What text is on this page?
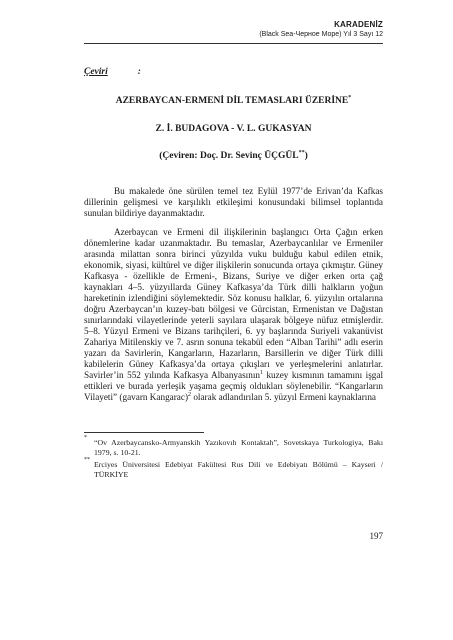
KARADENİZ
(Black Sea-Черное Море) Yıl 3 Sayı 12
Çeviri	:
AZERBAYCAN-ERMENİ DİL TEMASLARI ÜZERİNE*
Z. İ. BUDAGOVA - V. L. GUKASYAN
(Çeviren: Doç. Dr. Sevinç ÜÇGÜL**)

Bu makalede öne sürülen temel tez Eylül 1977’de Erivan’da Kafkas dillerinin gelişmesi ve karşılıklı etkileşimi konusundaki bilimsel toplantıda sunulan bildiriye dayanmaktadır.

Azerbaycan ve Ermeni dil ilişkilerinin başlangıcı Orta Çağın erken dönemlerine kadar uzanmaktadır. Bu temaslar, Azerbaycanlılar ve Ermeniler arasında milattan sonra birinci yüzyılda vuku bulduğu kabul edilen etnik, ekonomik, siyasi, kültürel ve diğer ilişkilerin sonucunda ortaya çıkmıştır. Güney Kafkasya - özellikle de Ermeni-, Bizans, Suriye ve diğer erken orta çağ kaynakları 4–5. yüzyıllarda Güney Kafkasya’da Türk dilli halkların yoğun hareketinin izlendiğini söylemektedir. Söz konusu halklar, 6. yüzyılın ortalarına doğru Azerbaycan’ın kuzey-batı bölgesi ve Gürcistan, Ermenistan ve Dağıstan sınırlarındaki vilayetlerinde yeterli sayılara ulaşarak bölgeye nüfuz etmişlerdir. 5–8. Yüzyıl Ermeni ve Bizans tarihçileri, 6. yy başlarında Suriyeli vakanüvist Zahariya Mitilenskiy ve 7. asrın sonuna tekabül eden “Alban Tarihi” adlı eserin yazarı da Savirlerin, Kangarların, Hazarların, Barsillerin ve diğer Türk dilli kabilelerin Güney Kafkasya’da ortaya çıkışları ve yerleşmelerini anlatırlar. Savirler’in 552 yılında Kafkasya Albanyasının$^1$ kuzey kısmının tamamını işgal ettikleri ve burada yerleşik yaşama geçmiş oldukları söylenebilir. “Kangarların Vilayeti” (gavarn Kangarac)$^2$ olarak adlandırılan 5. yüzyıl Ermeni kaynaklarına

* “Ov Azerbaycansko-Armyanskih Yazıkovıh Kontaktah”, Sovetskaya Turkologiya, Bakı 1979, s. 10-21.
** Erciyes Üniversitesi Edebiyat Fakültesi Rus Dili ve Edebiyatı Bölümü – Kayseri / TÜRKİYE
197
